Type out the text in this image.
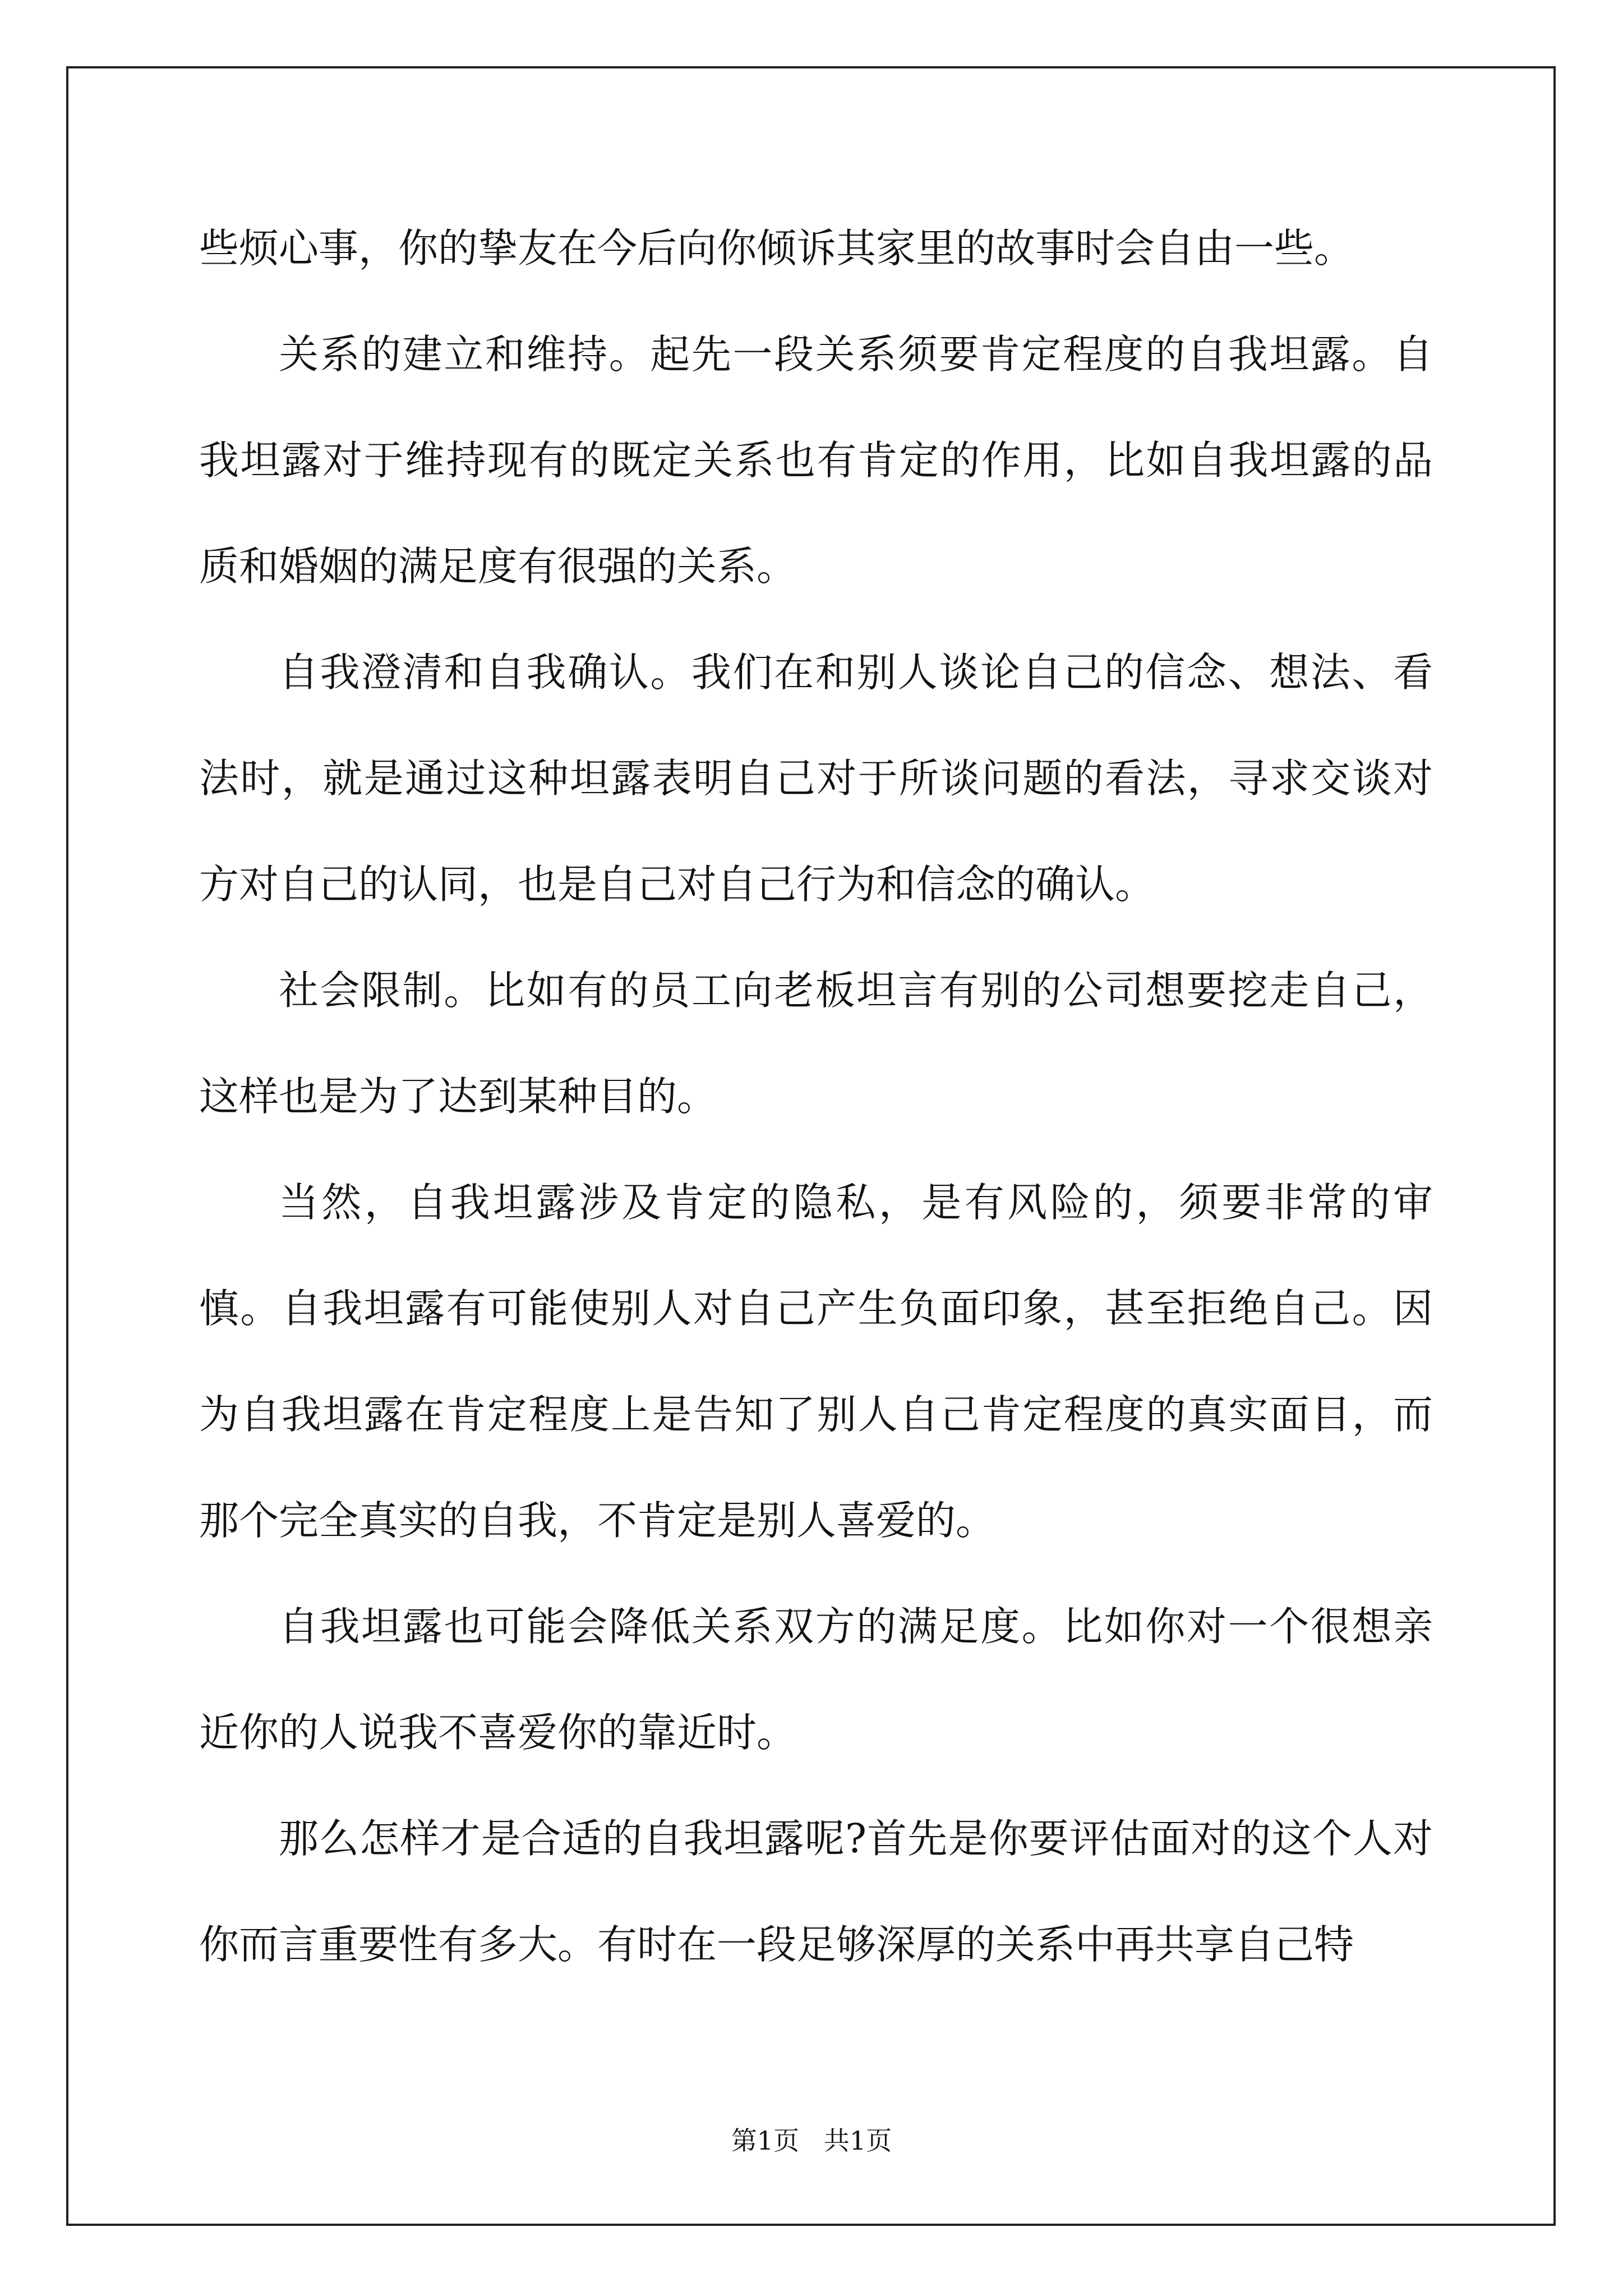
些烦心事，你的挚友在今后向你倾诉其家里的故事时会自由一些。

关系的建立和维持。起先一段关系须要肯定程度的自我坦露。自我坦露对于维持现有的既定关系也有肯定的作用，比如自我坦露的品质和婚姻的满足度有很强的关系。

自我澄清和自我确认。我们在和别人谈论自己的信念、想法、看法时，就是通过这种坦露表明自己对于所谈问题的看法，寻求交谈对方对自己的认同，也是自己对自己行为和信念的确认。

社会限制。比如有的员工向老板坦言有别的公司想要挖走自己，这样也是为了达到某种目的。

当然，自我坦露涉及肯定的隐私，是有风险的，须要非常的审慎。自我坦露有可能使别人对自己产生负面印象，甚至拒绝自己。因为自我坦露在肯定程度上是告知了别人自己肯定程度的真实面目，而那个完全真实的自我，不肯定是别人喜爱的。

自我坦露也可能会降低关系双方的满足度。比如你对一个很想亲近你的人说我不喜爱你的靠近时。

那么怎样才是合适的自我坦露呢?首先是你要评估面对的这个人对你而言重要性有多大。有时在一段足够深厚的关系中再共享自己特

第1页   共1页
